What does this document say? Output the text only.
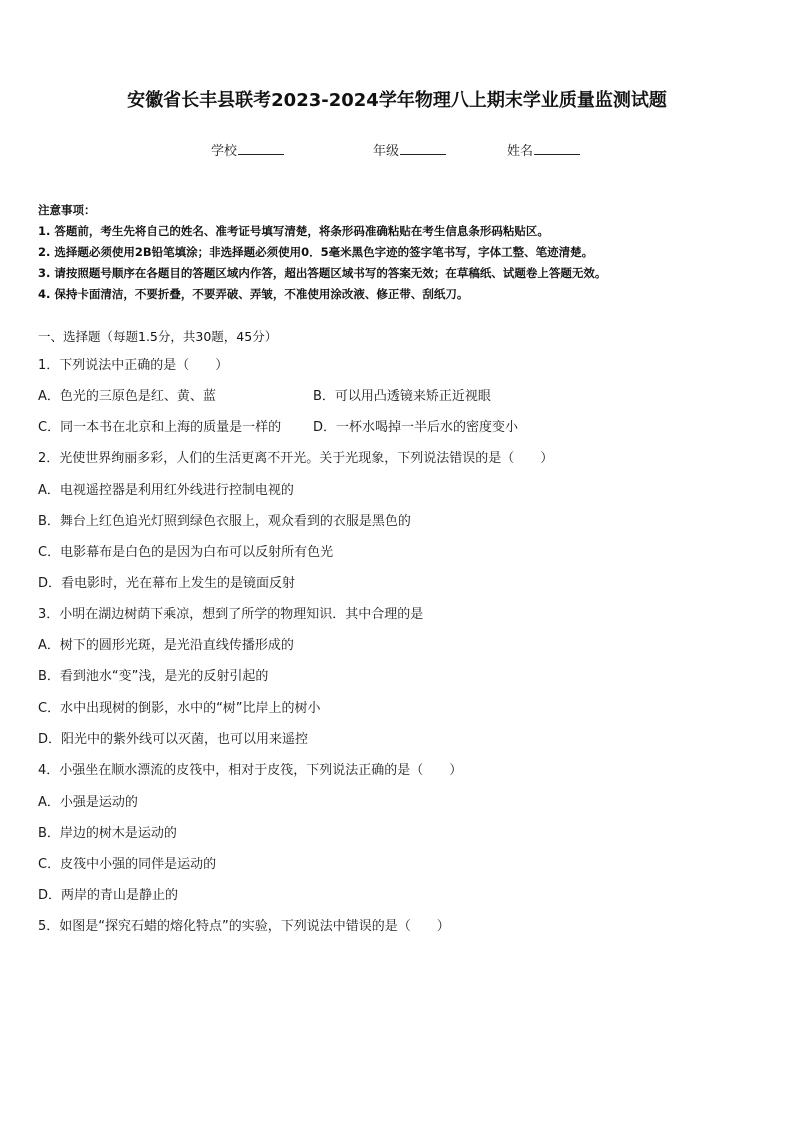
安徽省长丰县联考2023-2024学年物理八上期末学业质量监测试题
学校	年级	姓名
注意事项：
1. 答题前，考生先将自己的姓名、准考证号填写清楚，将条形码准确粘贴在考生信息条形码粘贴区。
2. 选择题必须使用2B铅笔填涂；非选择题必须使用0．5毫米黑色字迹的签字笔书写，字体工整、笔迹清楚。
3. 请按照题号顺序在各题目的答题区域内作答，超出答题区域书写的答案无效；在草稿纸、试题卷上答题无效。
4. 保持卡面清洁，不要折叠，不要弄破、弄皱，不准使用涂改液、修正带、刮纸刀。
一、选择题（每题1.5分，共30题，45分）
1．下列说法中正确的是（　　）
A．色光的三原色是红、黄、蓝	B．可以用凸透镜来矫正近视眼
C．同一本书在北京和上海的质量是一样的 D．一杯水喝掉一半后水的密度变小
2．光使世界绚丽多彩，人们的生活更离不开光。关于光现象，下列说法错误的是（　　）
A．电视遥控器是利用红外线进行控制电视的
B．舞台上红色追光灯照到绿色衣服上，观众看到的衣服是黑色的
C．电影幕布是白色的是因为白布可以反射所有色光
D．看电影时，光在幕布上发生的是镜面反射
3．小明在湖边树荫下乘凉，想到了所学的物理知识．其中合理的是
A．树下的圆形光斑，是光沿直线传播形成的
B．看到池水“变”浅，是光的反射引起的
C．水中出现树的倒影，水中的“树”比岸上的树小
D．阳光中的紫外线可以灭菌，也可以用来遥控
4．小强坐在顺水漂流的皮筏中，相对于皮筏，下列说法正确的是（　　）
A．小强是运动的
B．岸边的树木是运动的
C．皮筏中小强的同伴是运动的
D．两岸的青山是静止的
5．如图是“探究石蜡的熔化特点”的实验，下列说法中错误的是（　　）
